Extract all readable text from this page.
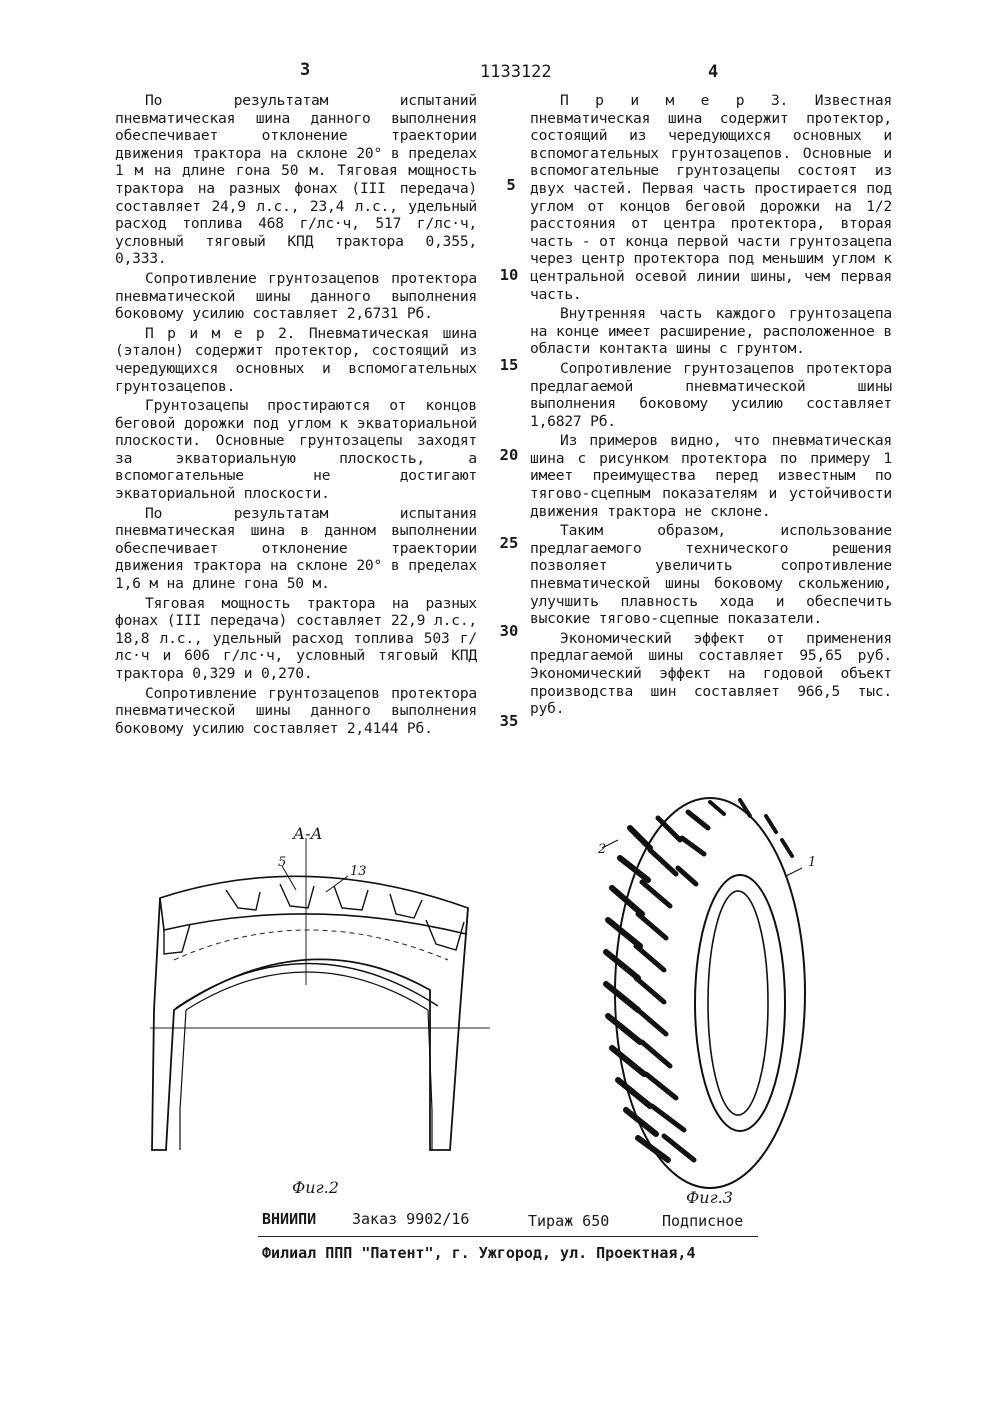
3	1133122	4

По результатам испытаний пневматическая шина данного выполнения обеспечивает отклонение траектории движения трактора на склоне 20° в пределах 1 м на длине гона 50 м. Тяговая мощность трактора на разных фонах (III передача) составляет 24,9 л.с., 23,4 л.с., удельный расход топлива 468 г/лс·ч, 517 г/лс·ч, условный тяговый КПД трактора 0,355, 0,333.

Сопротивление грунтозацепов протектора пневматической шины данного выполнения боковому усилию составляет 2,6731 Рб.

П р и м е р 2. Пневматическая шина (эталон) содержит протектор, состоящий из чередующихся основных и вспомогательных грунтозацепов.

Грунтозацепы простираются от концов беговой дорожки под углом к экваториальной плоскости. Основные грунтозацепы заходят за экваториальную плоскость, а вспомогательные не достигают экваториальной плоскости.

По результатам испытания пневматическая шина в данном выполнении обеспечивает отклонение траектории движения трактора на склоне 20° в пределах 1,6 м на длине гона 50 м.

Тяговая мощность трактора на разных фонах (III передача) составляет 22,9 л.с., 18,8 л.с., удельный расход топлива 503 г/лс·ч и 606 г/лс·ч, условный тяговый КПД трактора 0,329 и 0,270.

Сопротивление грунтозацепов протектора пневматической шины данного выполнения боковому усилию составляет 2,4144 Рб.

П р и м е р 3. Известная пневматическая шина содержит протектор, состоящий из чередующихся основных и вспомогательных грунтозацепов. Основные и вспомогательные грунтозацепы состоят из двух частей. Первая часть простирается под углом от концов беговой дорожки на 1/2 расстояния от центра протектора, вторая часть - от конца первой части грунтозацепа через центр протектора под меньшим углом к центральной осевой линии шины, чем первая часть.

Внутренняя часть каждого грунтозацепа на конце имеет расширение, расположенное в области контакта шины с грунтом.

Сопротивление грунтозацепов протектора предлагаемой пневматической шины выполнения боковому усилию составляет 1,6827 Рб.

Из примеров видно, что пневматическая шина с рисунком протектора по примеру 1 имеет преимущества перед известным по тягово-сцепным показателям и устойчивости движения трактора не склоне.

Таким образом, использование предлагаемого технического решения позволяет увеличить сопротивление пневматической шины боковому скольжению, улучшить плавность хода и обеспечить высокие тягово-сцепные показатели.

Экономический эффект от применения предлагаемой шины составляет 95,65 руб. Экономический эффект на годовой объект производства шин составляет 966,5 тыс. руб.

5
10
15
20
25
30
35
А-А
5
13
Фиг.2
2
1
Фиг.3
ВНИИПИ Заказ 9902/16	Тираж 650	Подписное
Филиал ППП "Патент", г. Ужгород, ул. Проектная,4
